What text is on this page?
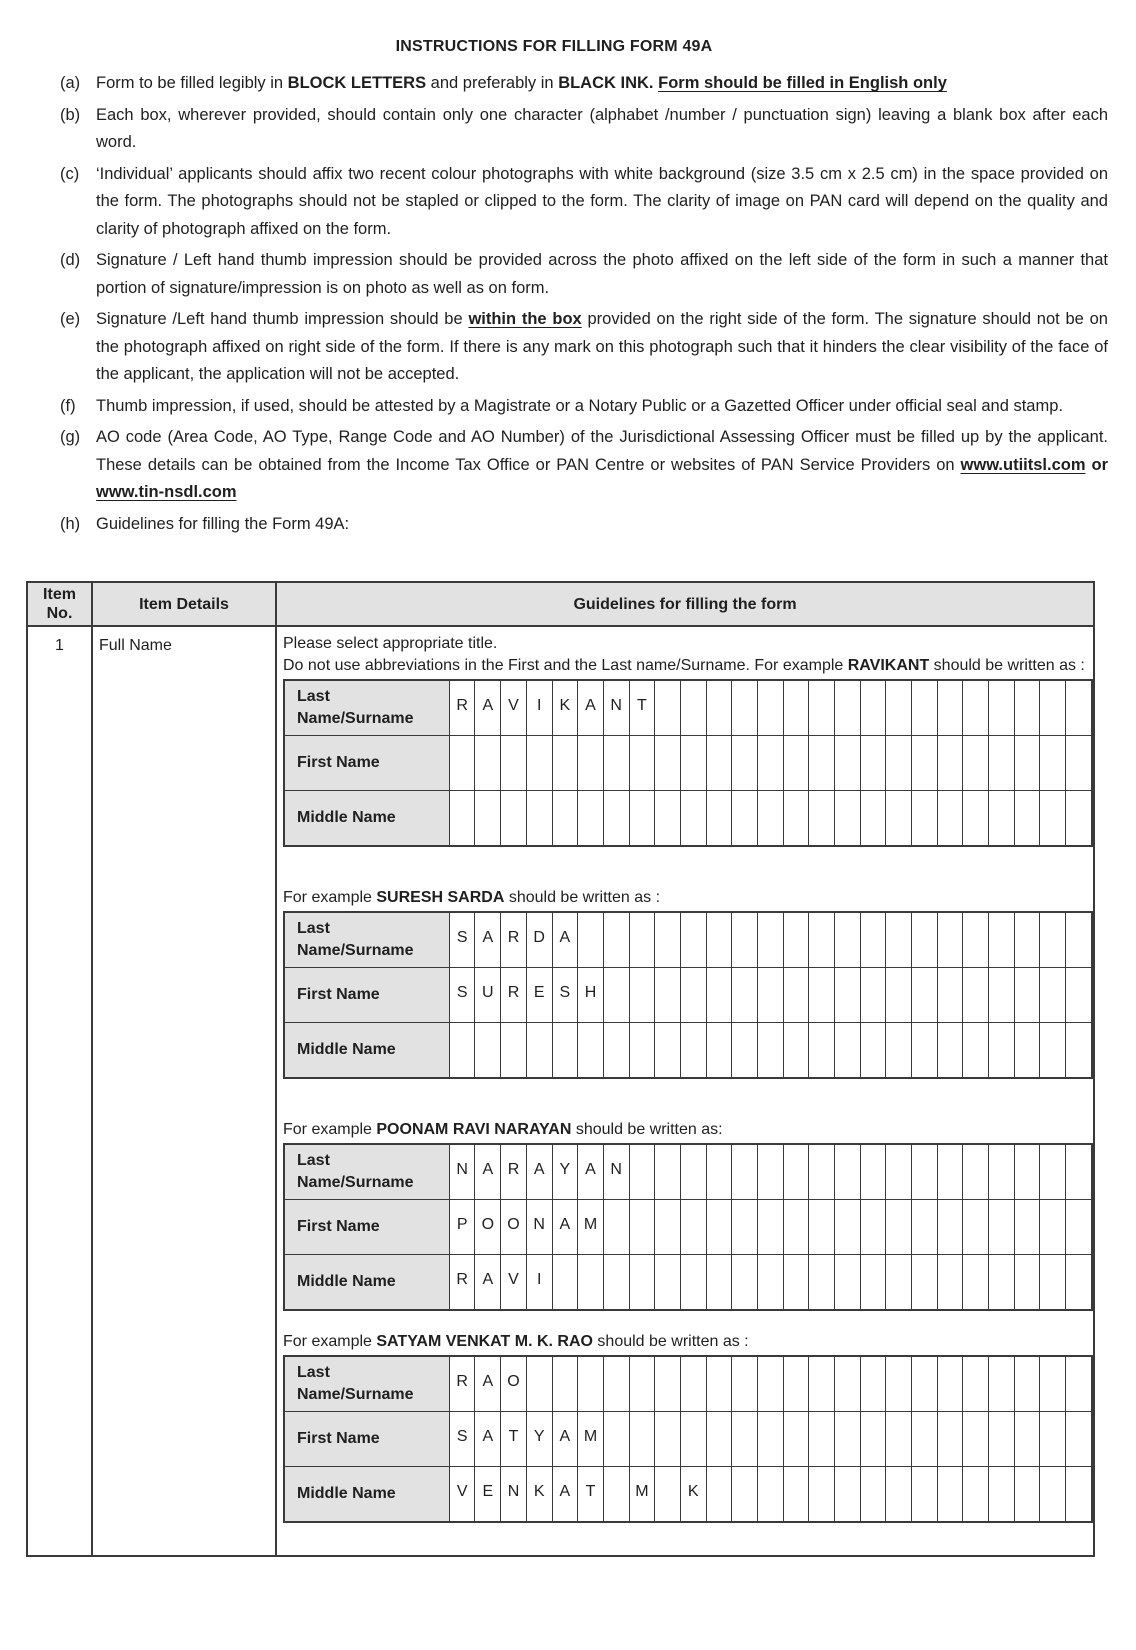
INSTRUCTIONS FOR FILLING FORM 49A
(a) Form to be filled legibly in BLOCK LETTERS and preferably in BLACK INK. Form should be filled in English only
(b) Each box, wherever provided, should contain only one character (alphabet /number / punctuation sign) leaving a blank box after each word.
(c) ‘Individual’ applicants should affix two recent colour photographs with white background (size 3.5 cm x 2.5 cm) in the space provided on the form. The photographs should not be stapled or clipped to the form. The clarity of image on PAN card will depend on the quality and clarity of photograph affixed on the form.
(d) Signature / Left hand thumb impression should be provided across the photo affixed on the left side of the form in such a manner that portion of signature/impression is on photo as well as on form.
(e) Signature /Left hand thumb impression should be within the box provided on the right side of the form. The signature should not be on the photograph affixed on right side of the form. If there is any mark on this photograph such that it hinders the clear visibility of the face of the applicant, the application will not be accepted.
(f) Thumb impression, if used, should be attested by a Magistrate or a Notary Public or a Gazetted Officer under official seal and stamp.
(g) AO code (Area Code, AO Type, Range Code and AO Number) of the Jurisdictional Assessing Officer must be filled up by the applicant. These details can be obtained from the Income Tax Office or PAN Centre or websites of PAN Service Providers on www.utiitsl.com or www.tin-nsdl.com
(h) Guidelines for filling the Form 49A:
Item No.	Item Details	Guidelines for filling the form
1	Full Name	Please select appropriate title.
Do not use abbreviations in the First and the Last name/Surname. For example RAVIKANT should be written as :
Last Name/Surname	R	A	V	I	K	A	N	T																	
First Name																									
Middle Name																									
For example SURESH SARDA should be written as :
Last Name/Surname	S	A	R	D	A																				
First Name	S	U	R	E	S	H																			
Middle Name																									
For example POONAM RAVI NARAYAN should be written as:
Last Name/Surname	N	A	R	A	Y	A	N																		
First Name	P	O	O	N	A	M																			
Middle Name	R	A	V	I																					
For example SATYAM VENKAT M. K. RAO should be written as :
Last Name/Surname	R	A	O																						
First Name	S	A	T	Y	A	M																			
Middle Name	V	E	N	K	A	T		M		K															
